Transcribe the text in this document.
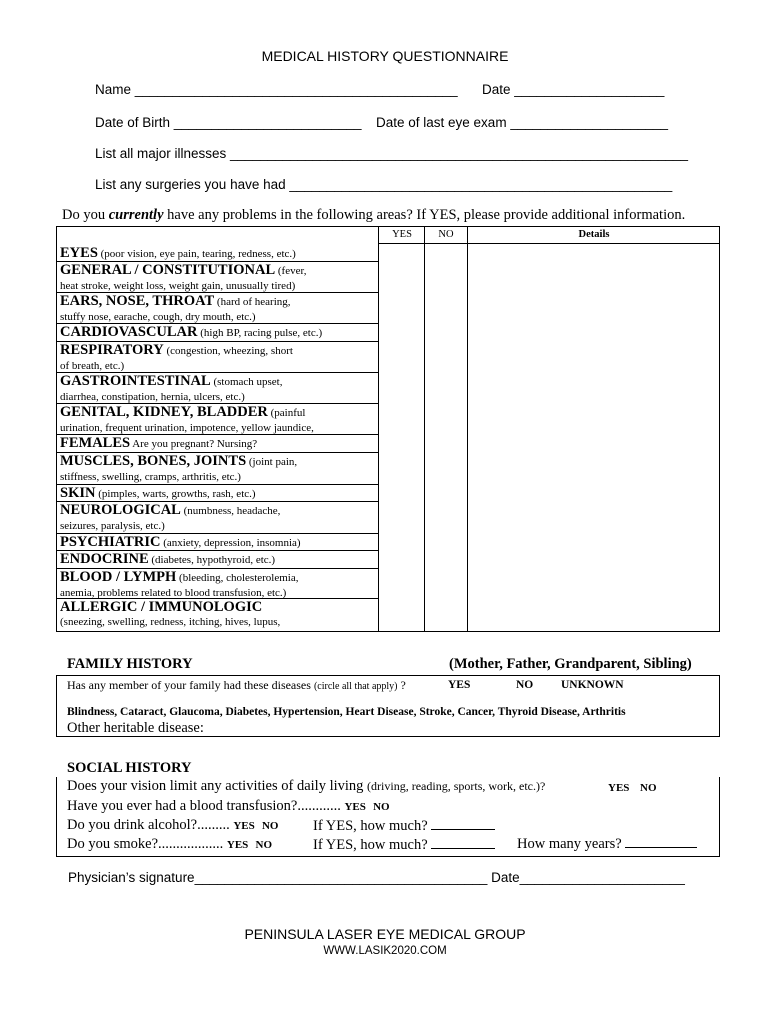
MEDICAL HISTORY QUESTIONNAIRE
Name ___________________________________________ Date ____________________
Date of Birth _________________________ Date of last eye exam _____________________
List all major illnesses _____________________________________________________________
List any surgeries you have had ___________________________________________________
Do you currently have any problems in the following areas? If YES, please provide additional information.
YES	NO	Details
EYES (poor vision, eye pain, tearing, redness, etc.)
GENERAL / CONSTITUTIONAL (fever,
heat stroke, weight loss, weight gain, unusually tired)
EARS, NOSE, THROAT (hard of hearing,
stuffy nose, earache, cough, dry mouth, etc.)
CARDIOVASCULAR (high BP, racing pulse, etc.)
RESPIRATORY (congestion, wheezing, short
of breath, etc.)
GASTROINTESTINAL (stomach upset,
diarrhea, constipation, hernia, ulcers, etc.)
GENITAL, KIDNEY, BLADDER (painful
urination, frequent urination, impotence, yellow jaundice,
FEMALES Are you pregnant? Nursing?
MUSCLES, BONES, JOINTS (joint pain,
stiffness, swelling, cramps, arthritis, etc.)
SKIN (pimples, warts, growths, rash, etc.)
NEUROLOGICAL (numbness, headache,
seizures, paralysis, etc.)
PSYCHIATRIC (anxiety, depression, insomnia)
ENDOCRINE (diabetes, hypothyroid, etc.)
BLOOD / LYMPH (bleeding, cholesterolemia,
anemia, problems related to blood transfusion, etc.)
ALLERGIC / IMMUNOLOGIC
(sneezing, swelling, redness, itching, hives, lupus,
FAMILY HISTORY	(Mother, Father, Grandparent, Sibling)
Has any member of your family had these diseases (circle all that apply) ?	YES	NO UNKNOWN
Blindness, Cataract, Glaucoma, Diabetes, Hypertension, Heart Disease, Stroke, Cancer, Thyroid Disease, Arthritis
Other heritable disease:
SOCIAL HISTORY
Does your vision limit any activities of daily living (driving, reading, sports, work, etc.)?	YES NO
Have you ever had a blood transfusion?............ YES NO
Do you drink alcohol?......... YES NO If YES, how much?
Do you smoke?.................. YES NO	If YES, how much?	How many years?
Physician’s signature_______________________________________ Date______________________
PENINSULA LASER EYE MEDICAL GROUP
WWW.LASIK2020.COM
